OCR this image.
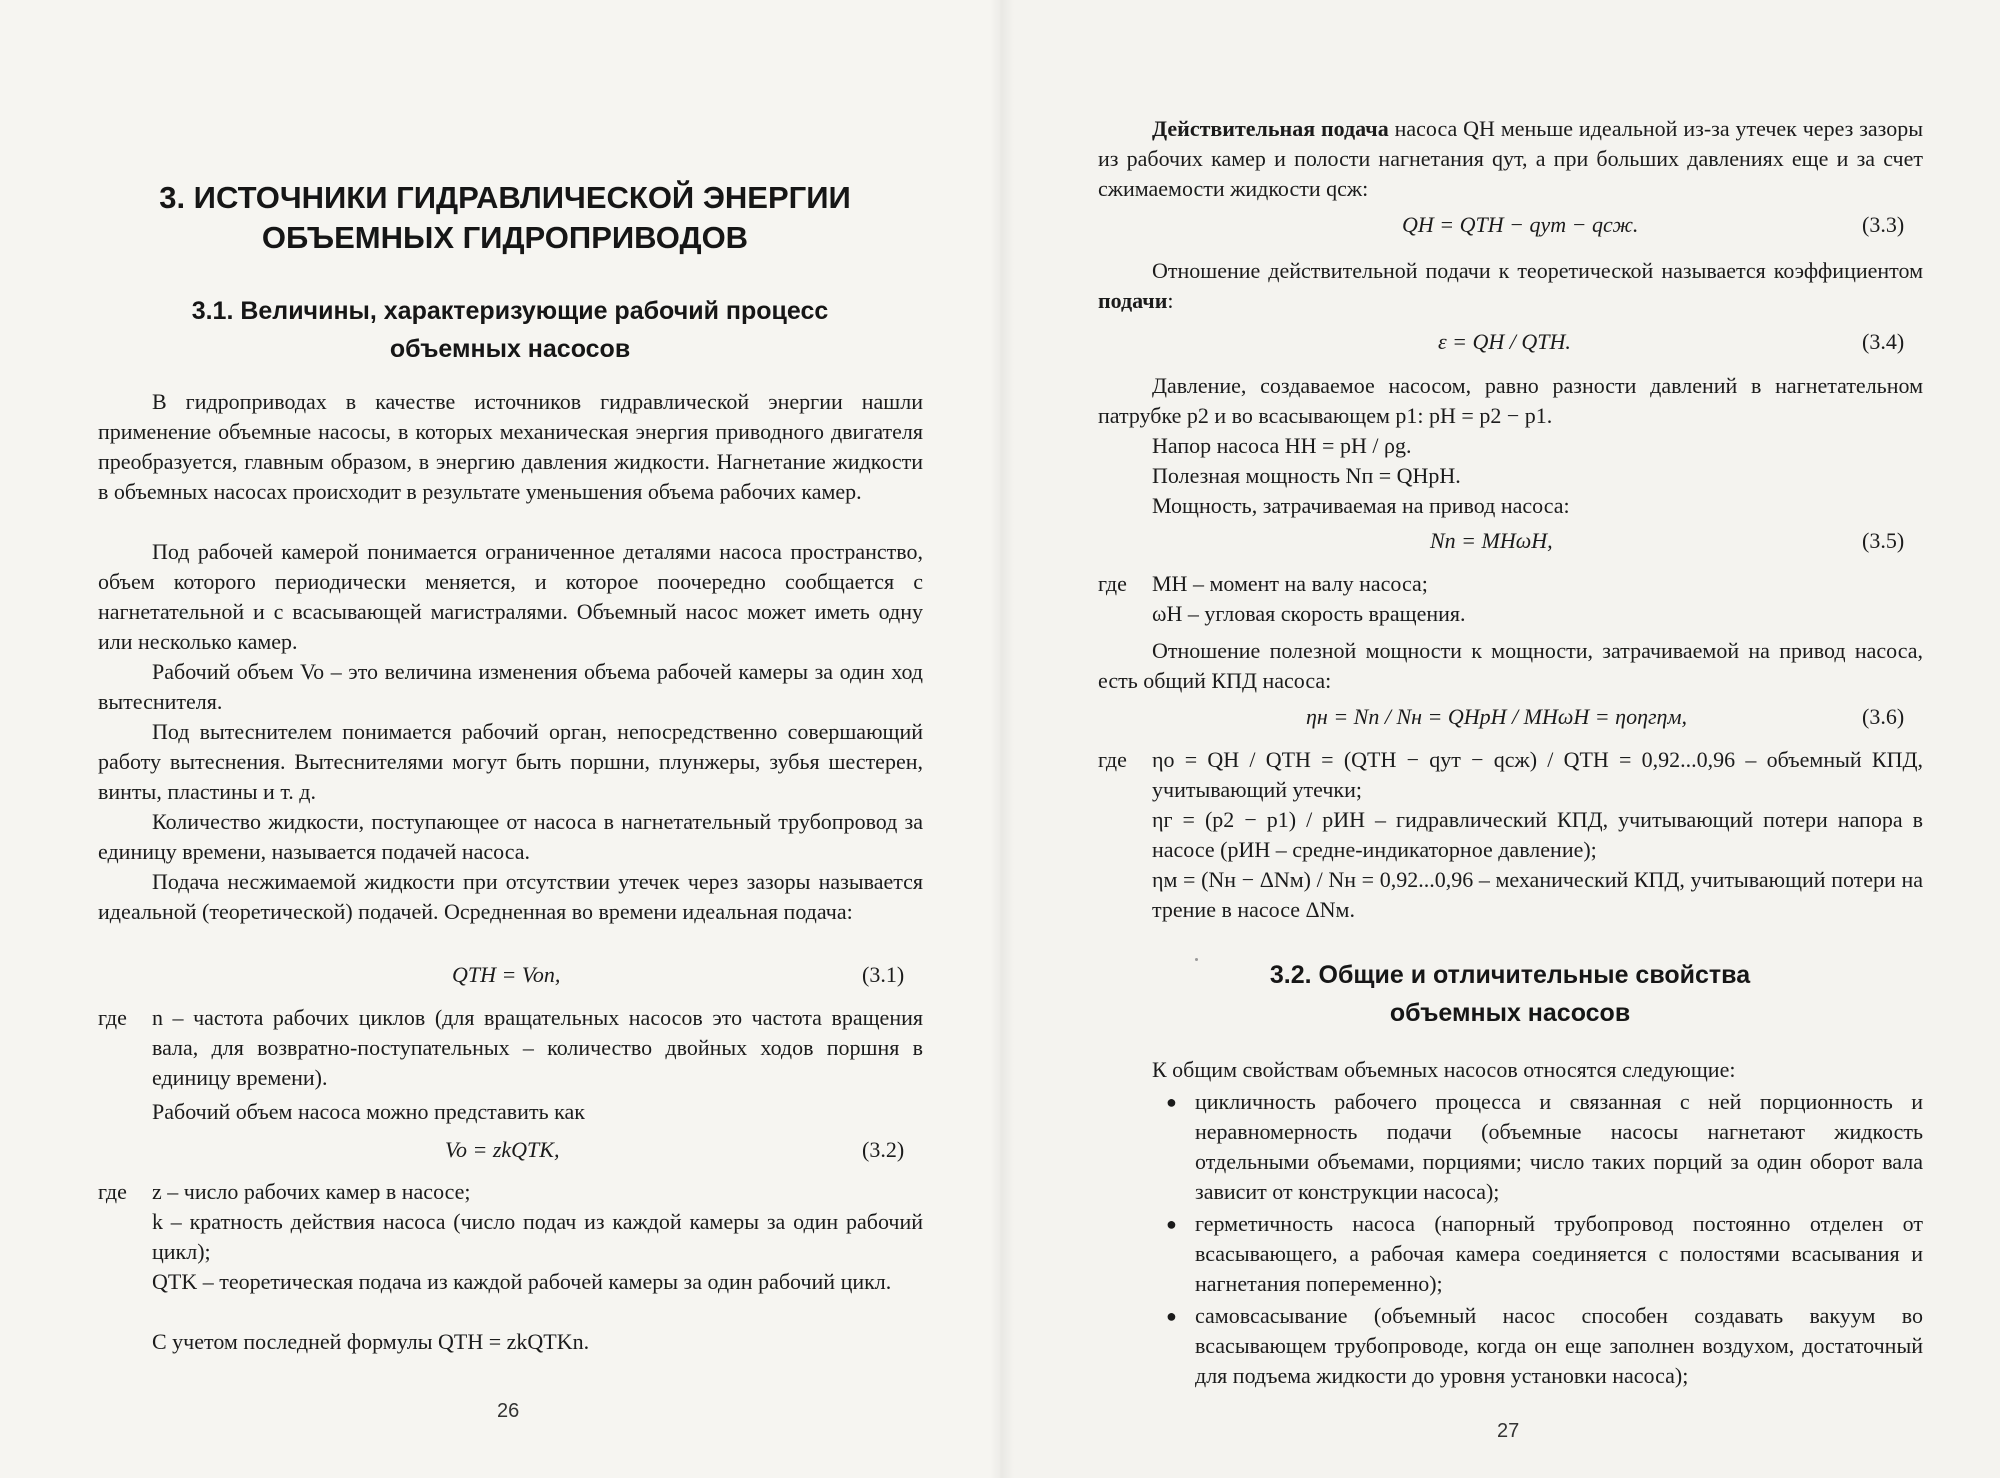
3. ИСТОЧНИКИ ГИДРАВЛИЧЕСКОЙ ЭНЕРГИИ ОБЪЕМНЫХ ГИДРОПРИВОДОВ
3.1. Величины, характеризующие рабочий процесс объемных насосов

В гидроприводах в качестве источников гидравлической энергии нашли применение объемные насосы, в которых механическая энергия приводного двигателя преобразуется, главным образом, в энергию давления жидкости. Нагнетание жидкости в объемных насосах происходит в результате уменьшения объема рабочих камер.

Под рабочей камерой понимается ограниченное деталями насоса пространство, объем которого периодически меняется, и которое поочередно сообщается с нагнетательной и с всасывающей магистралями. Объемный насос может иметь одну или несколько камер.

Рабочий объем Vo – это величина изменения объема рабочей камеры за один ход вытеснителя.

Под вытеснителем понимается рабочий орган, непосредственно совершающий работу вытеснения. Вытеснителями могут быть поршни, плунжеры, зубья шестерен, винты, пластины и т. д.

Количество жидкости, поступающее от насоса в нагнетательный трубопровод за единицу времени, называется подачей насоса.

Подача несжимаемой жидкости при отсутствии утечек через зазоры называется идеальной (теоретической) подачей. Осредненная во времени идеальная подача:

QTH = Von,	(3.1)
где n – частота рабочих циклов (для вращательных насосов это частота вращения вала, для возвратно-поступательных – количество двойных ходов поршня в единицу времени).

Рабочий объем насоса можно представить как

Vo = zkQTK,	(3.2)
где z – число рабочих камер в насосе;

k – кратность действия насоса (число подач из каждой камеры за один рабочий цикл);

QTK – теоретическая подача из каждой рабочей камеры за один рабочий цикл.

С учетом последней формулы QTH = zkQTKn.

26

Действительная подача насоса QH меньше идеальной из-за утечек через зазоры из рабочих камер и полости нагнетания qут, а при больших давлениях еще и за счет сжимаемости жидкости qсж:

QH = QTH − qут − qсж.	(3.3)

Отношение действительной подачи к теоретической называется коэффициентом подачи:

ε = QH / QTH.	(3.4)

Давление, создаваемое насосом, равно разности давлений в нагнетательном патрубке p2 и во всасывающем p1: pH = p2 − p1.

Напор насоса HH = pH / ρg.

Полезная мощность Nп = QHpH.

Мощность, затрачиваемая на привод насоса:

Nп = MHωH,	(3.5)
где MH – момент на валу насоса;

ωH – угловая скорость вращения.

Отношение полезной мощности к мощности, затрачиваемой на привод насоса, есть общий КПД насоса:

ηн = Nп / Nн = QHpH / MHωH = ηoηгηм,	(3.6)
где ηo = QH / QTH = (QTH − qут − qсж) / QTH = 0,92...0,96 – объемный КПД, учитывающий утечки;

ηг = (p2 − p1) / pИН – гидравлический КПД, учитывающий потери напора в насосе (pИН – средне-индикаторное давление);

ηм = (Nн − ΔNм) / Nн = 0,92...0,96 – механический КПД, учитывающий потери на трение в насосе ΔNм.

3.2. Общие и отличительные свойства объемных насосов

К общим свойствам объемных насосов относятся следующие:

● цикличность рабочего процесса и связанная с ней порционность и неравномерность подачи (объемные насосы нагнетают жидкость отдельными объемами, порциями; число таких порций за один оборот вала зависит от конструкции насоса);

● герметичность насоса (напорный трубопровод постоянно отделен от всасывающего, а рабочая камера соединяется с полостями всасывания и нагнетания попеременно);

● самовсасывание (объемный насос способен создавать вакуум во всасывающем трубопроводе, когда он еще заполнен воздухом, достаточный для подъема жидкости до уровня установки насоса);

27
